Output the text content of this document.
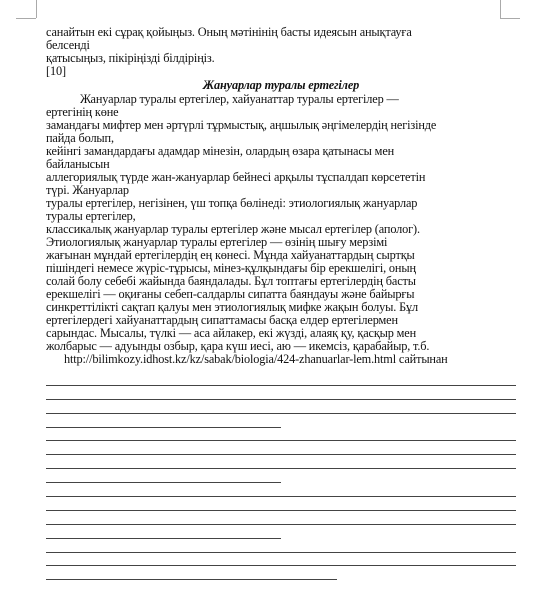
санайтын екі сұрақ қойыңыз. Оның мәтінінің басты идеясын анықтауға
белсенді
қатысыңыз, пікіріңізді білдіріңіз.
[10]
Жануарлар туралы ертегілер
Жануарлар туралы ертегілер, хайуанаттар туралы ертегілер —
ертегінің көне
замандағы мифтер мен әртүрлі тұрмыстық, аңшылық әңгімелердің негізінде
пайда болып,
кейінгі замандардағы адамдар мінезін, олардың өзара қатынасы мен
байланысын
аллегориялық түрде жан-жануарлар бейнесі арқылы тұспалдап көрсететін
түрі. Жануарлар
туралы ертегілер, негізінен, үш топқа бөлінеді: этиологиялық жануарлар
туралы ертегілер,
классикалық жануарлар туралы ертегілер және мысал ертегілер (аполог).
Этиологиялық жануарлар туралы ертегілер — өзінің шығу мерзімі
жағынан мұндай ертегілердің ең көнесі. Мұнда хайуанаттардың сыртқы
пішіндегі немесе жүріс-тұрысы, мінез-құлқындағы бір ерекшелігі, оның
солай болу себебі жайында баяндалады. Бұл топтағы ертегілердің басты
ерекшелігі — оқиғаны себеп-салдарлы сипатта баяндауы және байырғы
синкреттілікті сақтап қалуы мен этиологиялық мифке жақын болуы. Бұл
ертегілердегі хайуанаттардың сипаттамасы басқа елдер ертегілермен
сарындас. Мысалы, түлкі — аса айлакер, екі жүзді, алаяқ қу, қасқыр мен
жолбарыс — адуынды озбыр, қара күш иесі, аю — икемсіз, қарабайыр, т.б.
http://bilimkozy.idhost.kz/kz/sabak/biologia/424-zhanuarlar-lem.html сайтынан
